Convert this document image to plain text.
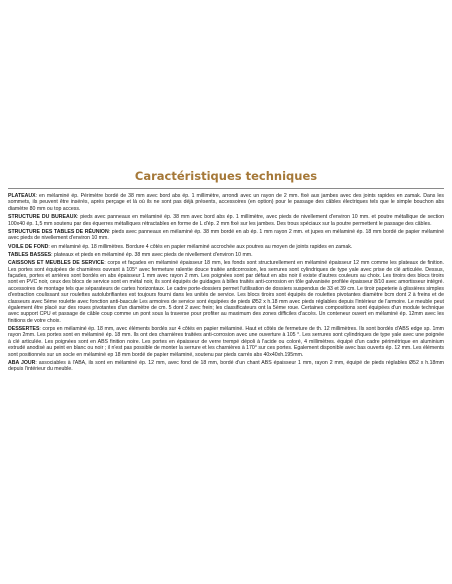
Caractéristiques techniques

PLATEAUX: en mélaminé ép. Périmètre bordé de 38 mm avec bord abs ép. 1 millimètre, arrondi avec un rayon de 2 mm. fixé aux jambes avec des joints rapides en zamak. Dans les sommets, ils peuvent être insérés, après perçage et là où ils ne sont pas déjà présents, accessoires (en option) pour le passage des câbles électriques tels que le simple bouchon abs diamètre 80 mm ou top access.

STRUCTURE DU BUREAUX: pieds avec panneaux en mélaminé ép. 38 mm avec bord abs ép. 1 millimètre, avec pieds de nivellement d'environ 10 mm. et poutre métallique de section 100x40 ép. 1,5 mm soutenu par des équerres métalliques rétractables en forme de L d'ép. 2 mm fixé sur les jambes. Des trous spéciaux sur la poutre permettent le passage des câbles.

STRUCTURE DES TABLES DE RÉUNION: pieds avec panneaux en mélaminé ép. 38 mm bordé en ab ép. 1 mm rayon 2 mm. et jupes en mélaminé ép. 18 mm bordé de papier mélaminé avec pieds de nivellement d'environ 10 mm.

VOILE DE FOND: en mélaminé ép. 18 millimètres. Bordure 4 côtés en papier mélaminé accrochée aux poutres au moyen de joints rapides en zamak.

TABLES BASSES: plateaux et pieds en mélaminé ép. 38 mm avec pieds de nivellement d'environ 10 mm.

CAISSONS ET MEUBLES DE SERVICE: corps et façades en mélaminé épaisseur 18 mm, les fonds sont structurellement en mélaminé épaisseur 12 mm comme les plateaux de finition. Les portes sont équipées de charnières ouvrant à 105° avec fermeture ralentie douce traitée anticorrosion, les serrures sont cylindriques de type yale avec prise de clé articulée. Dessus, façades, portes et arrières sont bordés en abs épaisseur 1 mm avec rayon 2 mm. Les poignées sont par défaut en abs noir il existe d'autres couleurs au choix. Les tiroirs des blocs tiroirs sont en PVC noir, ceux des blocs de service sont en métal noir, ils sont équipés de guidages à billes traités anti-corrosion en tôle galvanisée profilée épaisseur 8/10 avec amortisseur intégré. accessoires de montage tels que séparateurs de cartes horizontaux. Le cadre porte-dossiers permet l'utilisation de dossiers suspendus de 33 et 39 cm. Le tiroir papeterie à glissières simples d'extraction coulissant sur roulettes autolubrifiantes est toujours fourni dans les unités de service. Les blocs tiroirs sont équipés de roulettes pivotantes diamètre bcm dont 2 à freins et de classeurs avec 5ème roulette avec fonction anti-bascule Les armoires de service sont équipées de pieds Ø52 x h.18 mm avec pieds réglables depuis l'intérieur de l'armoire. Le meuble peut également être placé sur des roues pivotantes d'un diamètre de cm. 5 dont 2 avec frein; les classificateurs ont la 5ème roue. Certaines compositions sont équipées d'un module technique avec support CPU et passage de câble coup comme un pont sous la traverse pour profiter au maximum des zones difficiles d'accès. Un conteneur ouvert en mélaminé ép. 12mm avec les finitions de votre choix.

DESSERTES: corps en mélaminé ép. 18 mm, avec éléments bordés sur 4 côtés en papier mélaminé. Haut et côtés de fermeture de th. 12 millimètres. Ils sont bordés d'ABS edge sp. 1mm rayon 2mm. Les portes sont en mélaminé ép. 18 mm. Ils ont des charnières traitées anti-corrosion avec une ouverture à 105 °. Les serrures sont cylindriques de type yale avec une poignée à clé articulée. Les poignées sont en ABS finition noire. Les portes en épaisseur de verre trempé dépoli à l'acide ou coloré, 4 millimètres. équipé d'un cadre périmétrique en aluminium extrudé anodisé au peint en blanc ou noir ; il n'est pas possible de monter la serrure et les charnières à 170° sur ces portes. Egalement disponible avec bas ouverts ép. 12 mm. Les éléments sont positionnés sur un socle en mélaminé ep 18 mm bordé de papier mélaminé, soutenu par pieds carrés abs 40x40xh.195mm.

ABA JOUR: associables à l'ABA, ils sont en mélaminé ép. 12 mm, avec fond de 18 mm, bordé d'un chant ABS épaisseur 1 mm, rayon 2 mm, équipé de pieds réglables Ø52 x h.18mm depuis l'intérieur du meuble.
